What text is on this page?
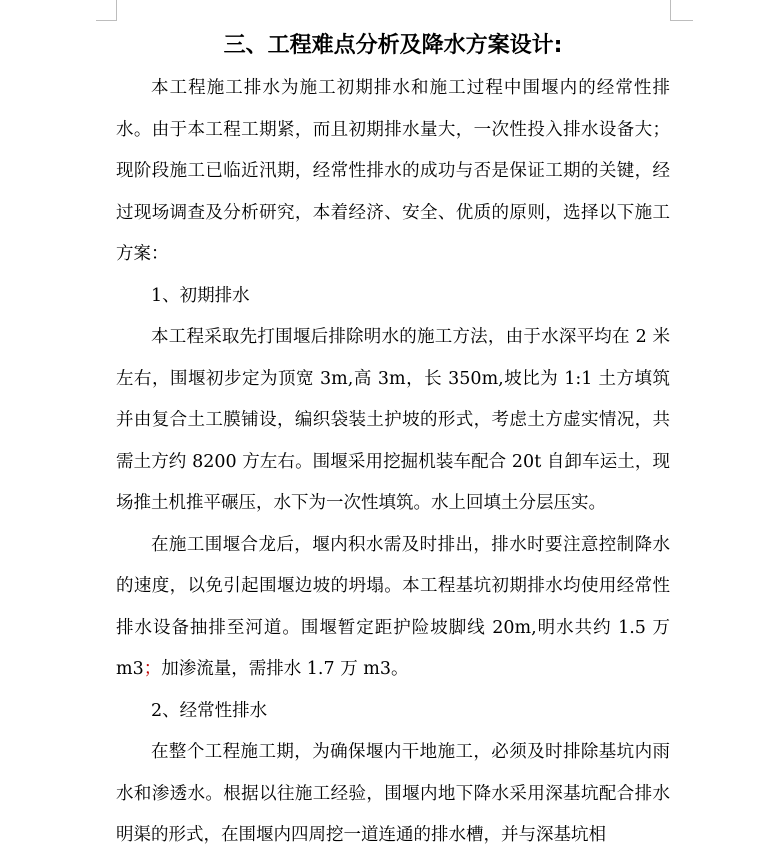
三、工程难点分析及降水方案设计:

本工程施工排水为施工初期排水和施工过程中围堰内的经常性排水。由于本工程工期紧，而且初期排水量大，一次性投入排水设备大；现阶段施工已临近汛期，经常性排水的成功与否是保证工期的关键，经过现场调查及分析研究，本着经济、安全、优质的原则，选择以下施工方案：

1、初期排水

本工程采取先打围堰后排除明水的施工方法，由于水深平均在 2 米左右，围堰初步定为顶宽 3m,高 3m，长 350m,坡比为 1:1 土方填筑并由复合土工膜铺设，编织袋装土护坡的形式，考虑土方虚实情况，共需土方约 8200 方左右。围堰采用挖掘机装车配合 20t 自卸车运土，现场推土机推平碾压，水下为一次性填筑。水上回填土分层压实。

在施工围堰合龙后，堰内积水需及时排出，排水时要注意控制降水的速度，以免引起围堰边坡的坍塌。本工程基坑初期排水均使用经常性排水设备抽排至河道。围堰暂定距护险坡脚线 20m,明水共约 1.5 万 m3；加渗流量，需排水 1.7 万 m3。

2、经常性排水

在整个工程施工期，为确保堰内干地施工，必须及时排除基坑内雨水和渗透水。根据以往施工经验，围堰内地下降水采用深基坑配合排水明渠的形式，在围堰内四周挖一道连通的排水槽，并与深基坑相
